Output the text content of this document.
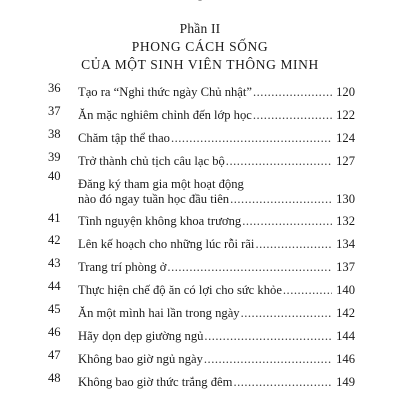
Phần II
PHONG CÁCH SỐNG
CỦA MỘT SINH VIÊN THÔNG MINH
36	Tạo ra “Nghi thức ngày Chủ nhật” .....	120
37	Ăn mặc nghiêm chỉnh đến lớp học .....	122
38	Chăm tập thể thao .....	124
39	Trở thành chủ tịch câu lạc bộ .....	127
40
Đăng ký tham gia một hoạt động
nào đó ngay tuần học đầu tiên .....	130
41	Tình nguyện không khoa trương .....	132
42	Lên kế hoạch cho những lúc rỗi rãi .....	134
43	Trang trí phòng ở .....	137
44	Thực hiện chế độ ăn có lợi cho sức khỏe .....	140
45	Ăn một mình hai lần trong ngày .....	142
46	Hãy dọn dẹp giường ngủ .....	144
47	Không bao giờ ngủ ngày .....	146
48	Không bao giờ thức trắng đêm .....	149
